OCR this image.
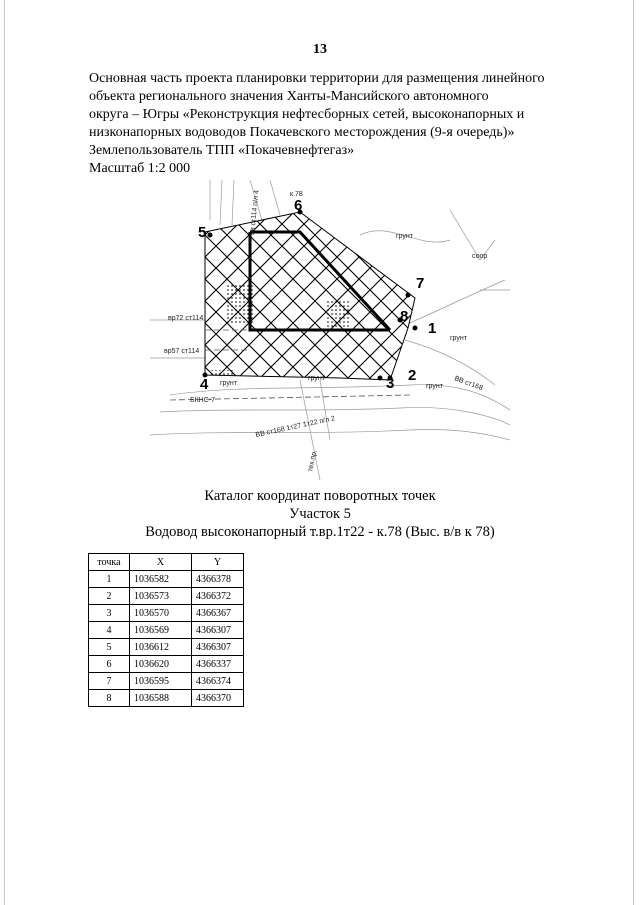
13
Основная часть проекта планировки территории для размещения линейного
объекта регионального значения Ханты-Мансийского автономного
округа – Югры «Реконструкция нефтесборных сетей, высоконапорных и
низконапорных водоводов Покачевского месторождения (9-я очередь)»
Землепользователь ТПП «Покачевнефтегаз»
Масштаб 1:2 000
1
2
3
4
5
6
7
8
грунт
грунт
грунт
грунт
грунт
к.78
соор
вр72 ст114
вр57 ст114
вв ст114 п/л 4
ВВ ст168 1т27 1т22 п/л 2
ВВ ст168
БКНС-7
тех.пр.
Каталог координат поворотных точек
Участок 5
Водовод высоконапорный т.вр.1т22 - к.78 (Выс. в/в к 78)
точка	X	Y
1	1036582	4366378
2	1036573	4366372
3	1036570	4366367
4	1036569	4366307
5	1036612	4366307
6	1036620	4366337
7	1036595	4366374
8	1036588	4366370
